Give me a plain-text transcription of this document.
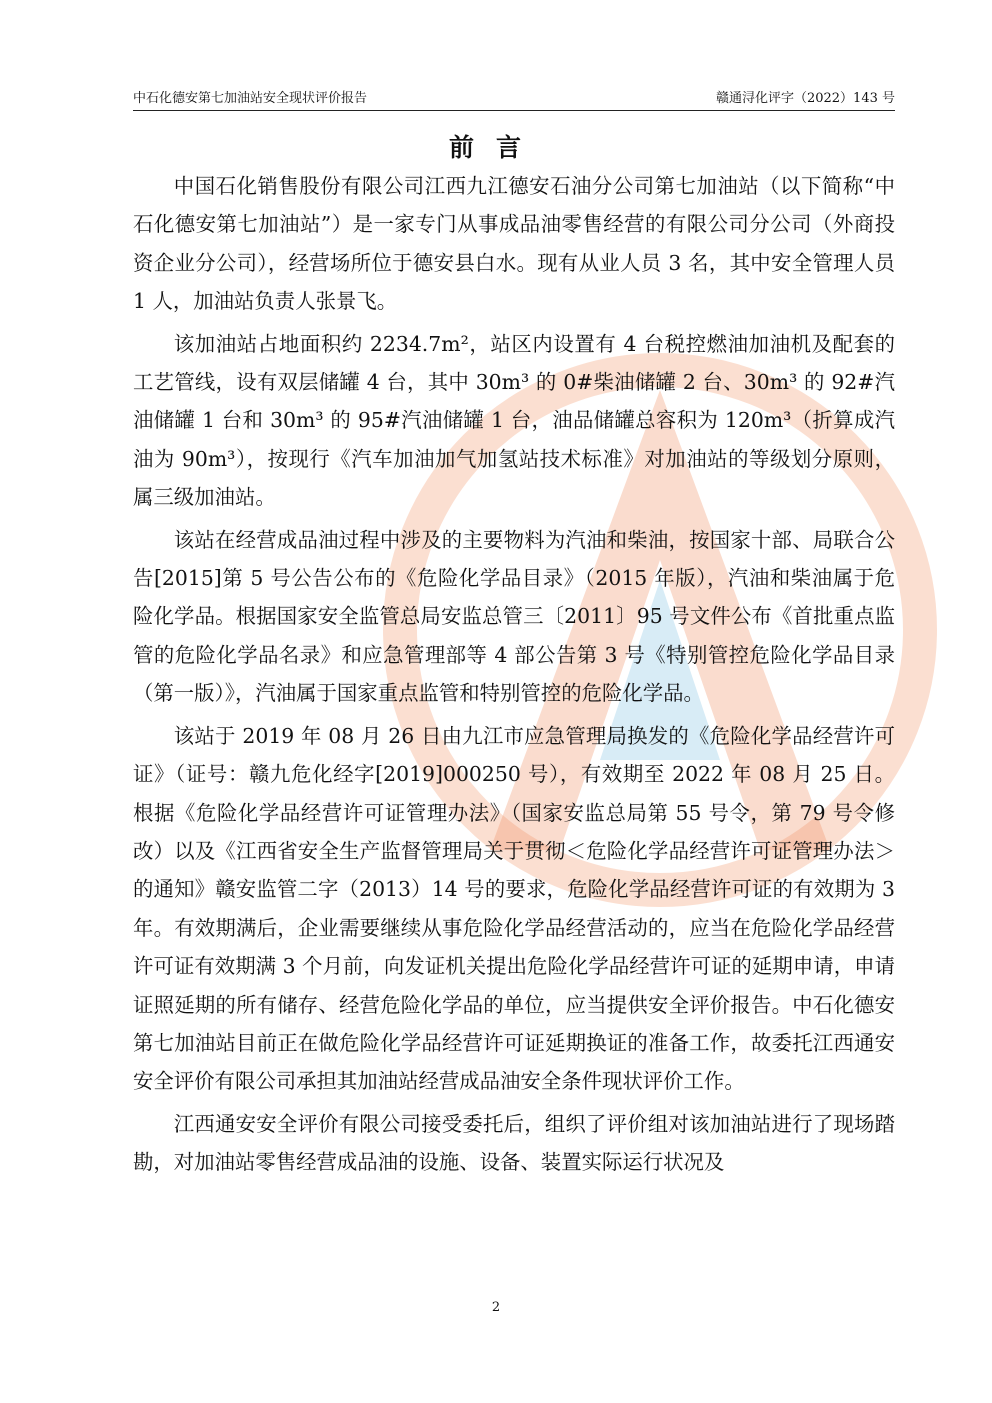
中石化德安第七加油站安全现状评价报告	赣通浔化评字（2022）143 号
前言

中国石化销售股份有限公司江西九江德安石油分公司第七加油站（以下简称“中石化德安第七加油站”）是一家专门从事成品油零售经营的有限公司分公司（外商投资企业分公司），经营场所位于德安县白水。现有从业人员 3 名，其中安全管理人员 1 人，加油站负责人张景飞。

该加油站占地面积约 2234.7m²，站区内设置有 4 台税控燃油加油机及配套的工艺管线，设有双层储罐 4 台，其中 30m³ 的 0#柴油储罐 2 台、30m³ 的 92#汽油储罐 1 台和 30m³ 的 95#汽油储罐 1 台，油品储罐总容积为 120m³（折算成汽油为 90m³），按现行《汽车加油加气加氢站技术标准》对加油站的等级划分原则，属三级加油站。

该站在经营成品油过程中涉及的主要物料为汽油和柴油，按国家十部、局联合公告[2015]第 5 号公告公布的《危险化学品目录》（2015 年版），汽油和柴油属于危险化学品。根据国家安全监管总局安监总管三〔2011〕95 号文件公布《首批重点监管的危险化学品名录》和应急管理部等 4 部公告第 3 号《特别管控危险化学品目录（第一版）》，汽油属于国家重点监管和特别管控的危险化学品。

该站于 2019 年 08 月 26 日由九江市应急管理局换发的《危险化学品经营许可证》（证号：赣九危化经字[2019]000250 号），有效期至 2022 年 08 月 25 日。根据《危险化学品经营许可证管理办法》（国家安监总局第 55 号令，第 79 号令修改）以及《江西省安全生产监督管理局关于贯彻＜危险化学品经营许可证管理办法＞的通知》赣安监管二字（2013）14 号的要求，危险化学品经营许可证的有效期为 3 年。有效期满后，企业需要继续从事危险化学品经营活动的，应当在危险化学品经营许可证有效期满 3 个月前，向发证机关提出危险化学品经营许可证的延期申请，申请证照延期的所有储存、经营危险化学品的单位，应当提供安全评价报告。中石化德安第七加油站目前正在做危险化学品经营许可证延期换证的准备工作，故委托江西通安安全评价有限公司承担其加油站经营成品油安全条件现状评价工作。

江西通安安全评价有限公司接受委托后，组织了评价组对该加油站进行了现场踏勘，对加油站零售经营成品油的设施、设备、装置实际运行状况及

2
